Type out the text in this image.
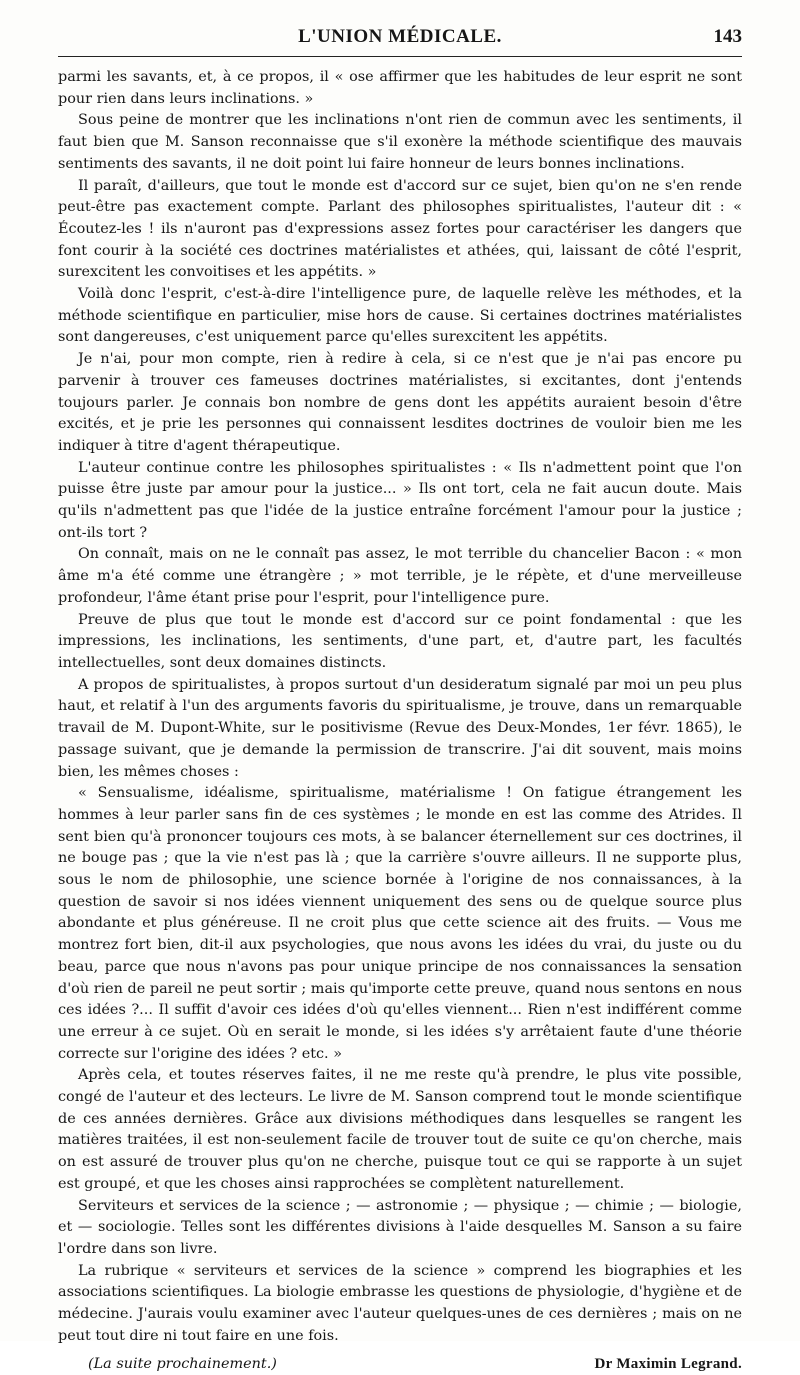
L'UNION MÉDICALE.	143

parmi les savants, et, à ce propos, il « ose affirmer que les habitudes de leur esprit ne sont pour rien dans leurs inclinations. »

Sous peine de montrer que les inclinations n'ont rien de commun avec les sentiments, il faut bien que M. Sanson reconnaisse que s'il exonère la méthode scientifique des mauvais sentiments des savants, il ne doit point lui faire honneur de leurs bonnes inclinations.

Il paraît, d'ailleurs, que tout le monde est d'accord sur ce sujet, bien qu'on ne s'en rende peut-être pas exactement compte. Parlant des philosophes spiritualistes, l'auteur dit : « Écoutez-les ! ils n'auront pas d'expressions assez fortes pour caractériser les dangers que font courir à la société ces doctrines matérialistes et athées, qui, laissant de côté l'esprit, surexcitent les convoitises et les appétits. »

Voilà donc l'esprit, c'est-à-dire l'intelligence pure, de laquelle relève les méthodes, et la méthode scientifique en particulier, mise hors de cause. Si certaines doctrines matérialistes sont dangereuses, c'est uniquement parce qu'elles surexcitent les appétits.

Je n'ai, pour mon compte, rien à redire à cela, si ce n'est que je n'ai pas encore pu parvenir à trouver ces fameuses doctrines matérialistes, si excitantes, dont j'entends toujours parler. Je connais bon nombre de gens dont les appétits auraient besoin d'être excités, et je prie les personnes qui connaissent lesdites doctrines de vouloir bien me les indiquer à titre d'agent thérapeutique.

L'auteur continue contre les philosophes spiritualistes : « Ils n'admettent point que l'on puisse être juste par amour pour la justice... » Ils ont tort, cela ne fait aucun doute. Mais qu'ils n'admettent pas que l'idée de la justice entraîne forcément l'amour pour la justice ; ont-ils tort ?

On connaît, mais on ne le connaît pas assez, le mot terrible du chancelier Bacon : « mon âme m'a été comme une étrangère ; » mot terrible, je le répète, et d'une merveilleuse profondeur, l'âme étant prise pour l'esprit, pour l'intelligence pure.

Preuve de plus que tout le monde est d'accord sur ce point fondamental : que les impressions, les inclinations, les sentiments, d'une part, et, d'autre part, les facultés intellectuelles, sont deux domaines distincts.

A propos de spiritualistes, à propos surtout d'un desideratum signalé par moi un peu plus haut, et relatif à l'un des arguments favoris du spiritualisme, je trouve, dans un remarquable travail de M. Dupont-White, sur le positivisme (Revue des Deux-Mondes, 1er févr. 1865), le passage suivant, que je demande la permission de transcrire. J'ai dit souvent, mais moins bien, les mêmes choses :

« Sensualisme, idéalisme, spiritualisme, matérialisme ! On fatigue étrangement les hommes à leur parler sans fin de ces systèmes ; le monde en est las comme des Atrides. Il sent bien qu'à prononcer toujours ces mots, à se balancer éternellement sur ces doctrines, il ne bouge pas ; que la vie n'est pas là ; que la carrière s'ouvre ailleurs. Il ne supporte plus, sous le nom de philosophie, une science bornée à l'origine de nos connaissances, à la question de savoir si nos idées viennent uniquement des sens ou de quelque source plus abondante et plus généreuse. Il ne croit plus que cette science ait des fruits. — Vous me montrez fort bien, dit-il aux psychologies, que nous avons les idées du vrai, du juste ou du beau, parce que nous n'avons pas pour unique principe de nos connaissances la sensation d'où rien de pareil ne peut sortir ; mais qu'importe cette preuve, quand nous sentons en nous ces idées ?... Il suffit d'avoir ces idées d'où qu'elles viennent... Rien n'est indifférent comme une erreur à ce sujet. Où en serait le monde, si les idées s'y arrêtaient faute d'une théorie correcte sur l'origine des idées ? etc. »

Après cela, et toutes réserves faites, il ne me reste qu'à prendre, le plus vite possible, congé de l'auteur et des lecteurs. Le livre de M. Sanson comprend tout le monde scientifique de ces années dernières. Grâce aux divisions méthodiques dans lesquelles se rangent les matières traitées, il est non-seulement facile de trouver tout de suite ce qu'on cherche, mais on est assuré de trouver plus qu'on ne cherche, puisque tout ce qui se rapporte à un sujet est groupé, et que les choses ainsi rapprochées se complètent naturellement.

Serviteurs et services de la science ; — astronomie ; — physique ; — chimie ; — biologie, et — sociologie. Telles sont les différentes divisions à l'aide desquelles M. Sanson a su faire l'ordre dans son livre.

La rubrique « serviteurs et services de la science » comprend les biographies et les associations scientifiques. La biologie embrasse les questions de physiologie, d'hygiène et de médecine. J'aurais voulu examiner avec l'auteur quelques-unes de ces dernières ; mais on ne peut tout dire ni tout faire en une fois.

(La suite prochainement.)	Dr Maximin Legrand.
